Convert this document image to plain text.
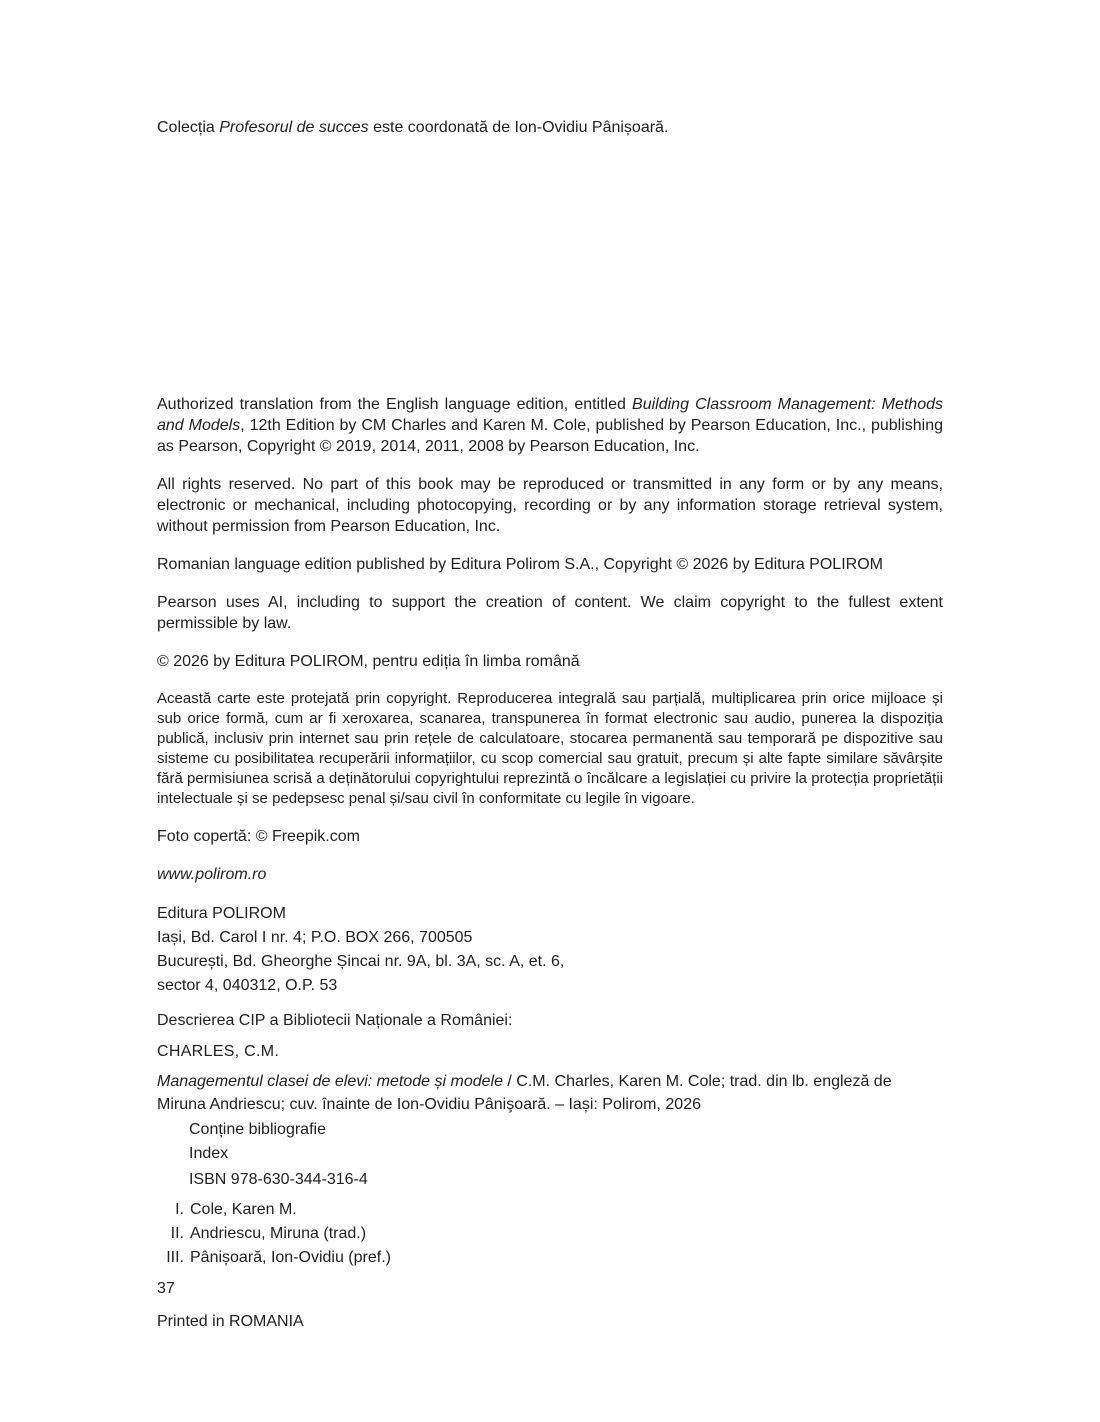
Colecția Profesorul de succes este coordonată de Ion-Ovidiu Pânișoară.

Authorized translation from the English language edition, entitled Building Classroom Management: Methods and Models, 12th Edition by CM Charles and Karen M. Cole, published by Pearson Education, Inc., publishing as Pearson, Copyright © 2019, 2014, 2011, 2008 by Pearson Education, Inc.

All rights reserved. No part of this book may be reproduced or transmitted in any form or by any means, electronic or mechanical, including photocopying, recording or by any information storage retrieval system, without permission from Pearson Education, Inc.

Romanian language edition published by Editura Polirom S.A., Copyright © 2026 by Editura POLIROM

Pearson uses AI, including to support the creation of content. We claim copyright to the fullest extent permissible by law.

© 2026 by Editura POLIROM, pentru ediția în limba română

Această carte este protejată prin copyright. Reproducerea integrală sau parțială, multiplicarea prin orice mijloace și sub orice formă, cum ar fi xeroxarea, scanarea, transpunerea în format electronic sau audio, punerea la dispoziția publică, inclusiv prin internet sau prin rețele de calculatoare, stocarea permanentă sau temporară pe dispozitive sau sisteme cu posibilitatea recuperării informațiilor, cu scop comercial sau gratuit, precum și alte fapte similare săvârșite fără permisiunea scrisă a deținătorului copyrightului reprezintă o încălcare a legislației cu privire la protecția proprietății intelectuale și se pedepsesc penal și/sau civil în conformitate cu legile în vigoare.

Foto copertă: © Freepik.com

www.polirom.ro

Editura POLIROM

Iași, Bd. Carol I nr. 4; P.O. BOX 266, 700505

București, Bd. Gheorghe Șincai nr. 9A, bl. 3A, sc. A, et. 6,

sector 4, 040312, O.P. 53

Descrierea CIP a Bibliotecii Naționale a României:

CHARLES, C.M.

Managementul clasei de elevi: metode și modele / C.M. Charles, Karen M. Cole; trad. din lb. engleză de Miruna Andriescu; cuv. înainte de Ion-Ovidiu Pânişoară. – Iași: Polirom, 2026

Conține bibliografie

Index

ISBN 978-630-344-316-4

I. Cole, Karen M.
II. Andriescu, Miruna (trad.)
III. Pânișoară, Ion-Ovidiu (pref.)

37

Printed in ROMANIA
